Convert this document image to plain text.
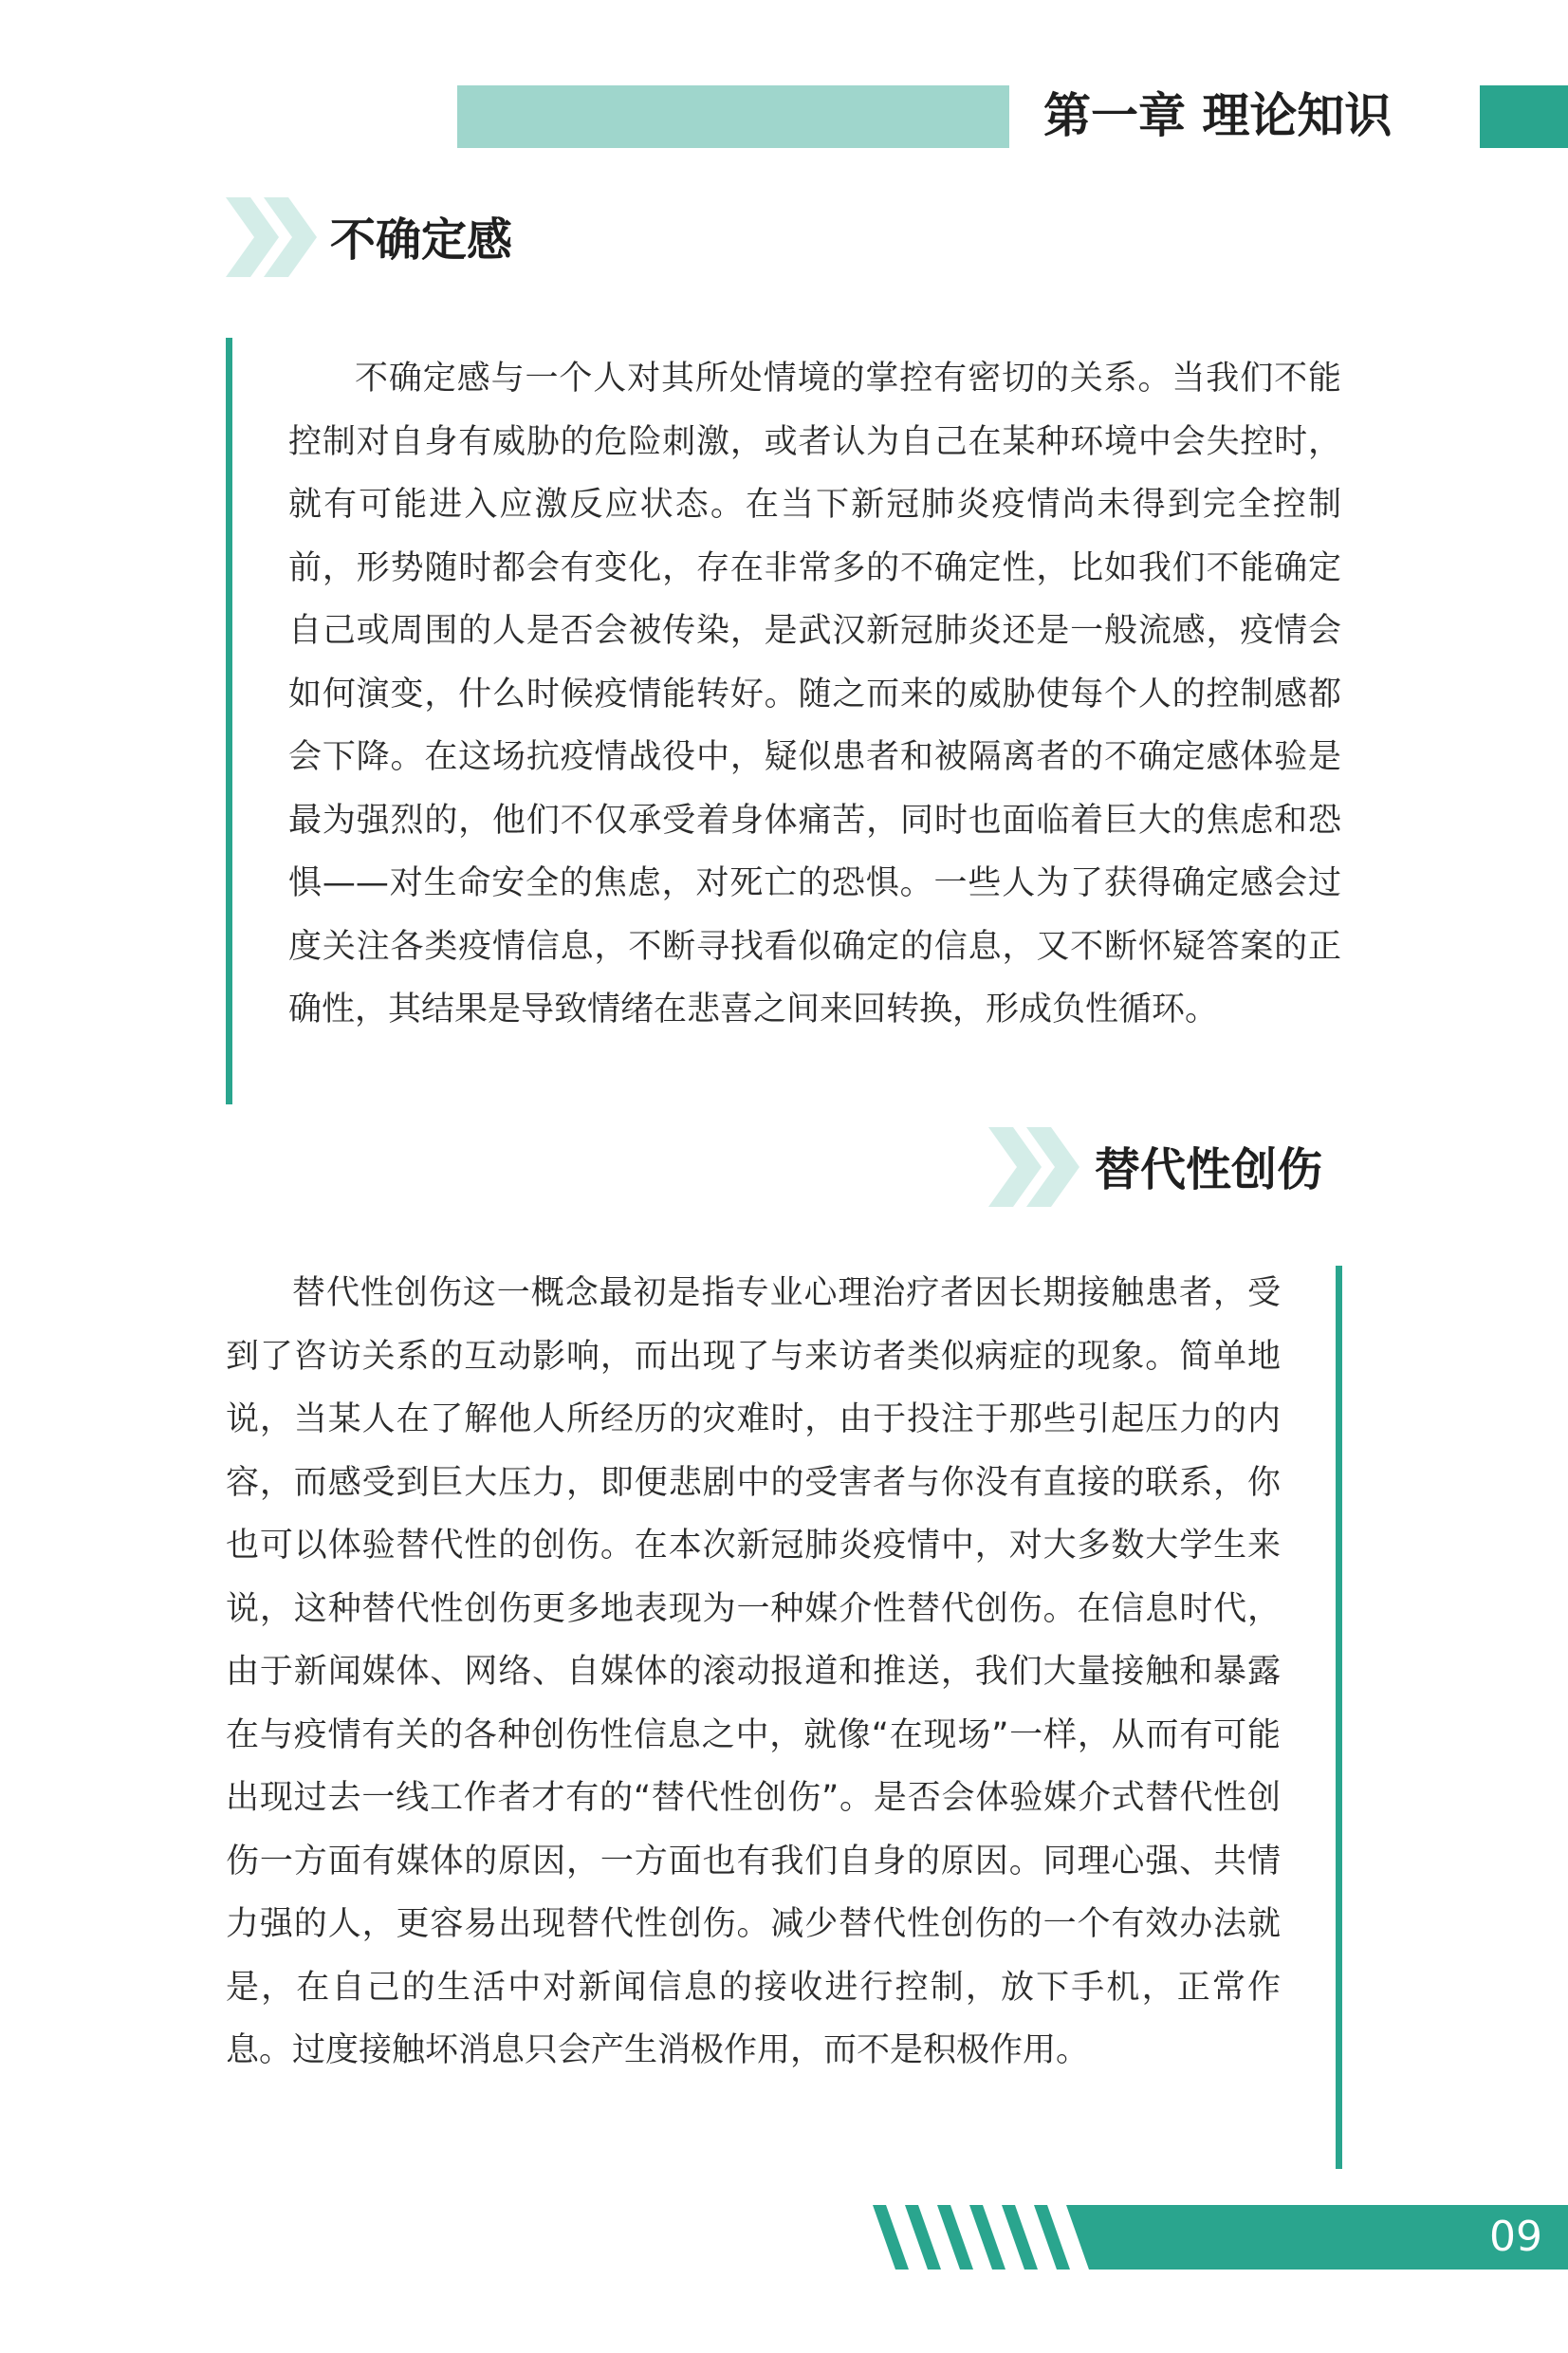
第一章 理论知识
不确定感

不确定感与一个人对其所处情境的掌控有密切的关系。当我们不能控制对自身有威胁的危险刺激，或者认为自己在某种环境中会失控时，就有可能进入应激反应状态。在当下新冠肺炎疫情尚未得到完全控制前，形势随时都会有变化，存在非常多的不确定性，比如我们不能确定自己或周围的人是否会被传染，是武汉新冠肺炎还是一般流感，疫情会如何演变，什么时候疫情能转好。随之而来的威胁使每个人的控制感都会下降。在这场抗疫情战役中，疑似患者和被隔离者的不确定感体验是最为强烈的，他们不仅承受着身体痛苦，同时也面临着巨大的焦虑和恐惧——对生命安全的焦虑，对死亡的恐惧。一些人为了获得确定感会过度关注各类疫情信息，不断寻找看似确定的信息，又不断怀疑答案的正确性，其结果是导致情绪在悲喜之间来回转换，形成负性循环。

替代性创伤

替代性创伤这一概念最初是指专业心理治疗者因长期接触患者，受到了咨访关系的互动影响，而出现了与来访者类似病症的现象。简单地说，当某人在了解他人所经历的灾难时，由于投注于那些引起压力的内容，而感受到巨大压力，即便悲剧中的受害者与你没有直接的联系，你也可以体验替代性的创伤。在本次新冠肺炎疫情中，对大多数大学生来说，这种替代性创伤更多地表现为一种媒介性替代创伤。在信息时代，由于新闻媒体、网络、自媒体的滚动报道和推送，我们大量接触和暴露在与疫情有关的各种创伤性信息之中，就像“在现场”一样，从而有可能出现过去一线工作者才有的“替代性创伤”。是否会体验媒介式替代性创伤一方面有媒体的原因，一方面也有我们自身的原因。同理心强、共情力强的人，更容易出现替代性创伤。减少替代性创伤的一个有效办法就是，在自己的生活中对新闻信息的接收进行控制，放下手机，正常作息。过度接触坏消息只会产生消极作用，而不是积极作用。

09
